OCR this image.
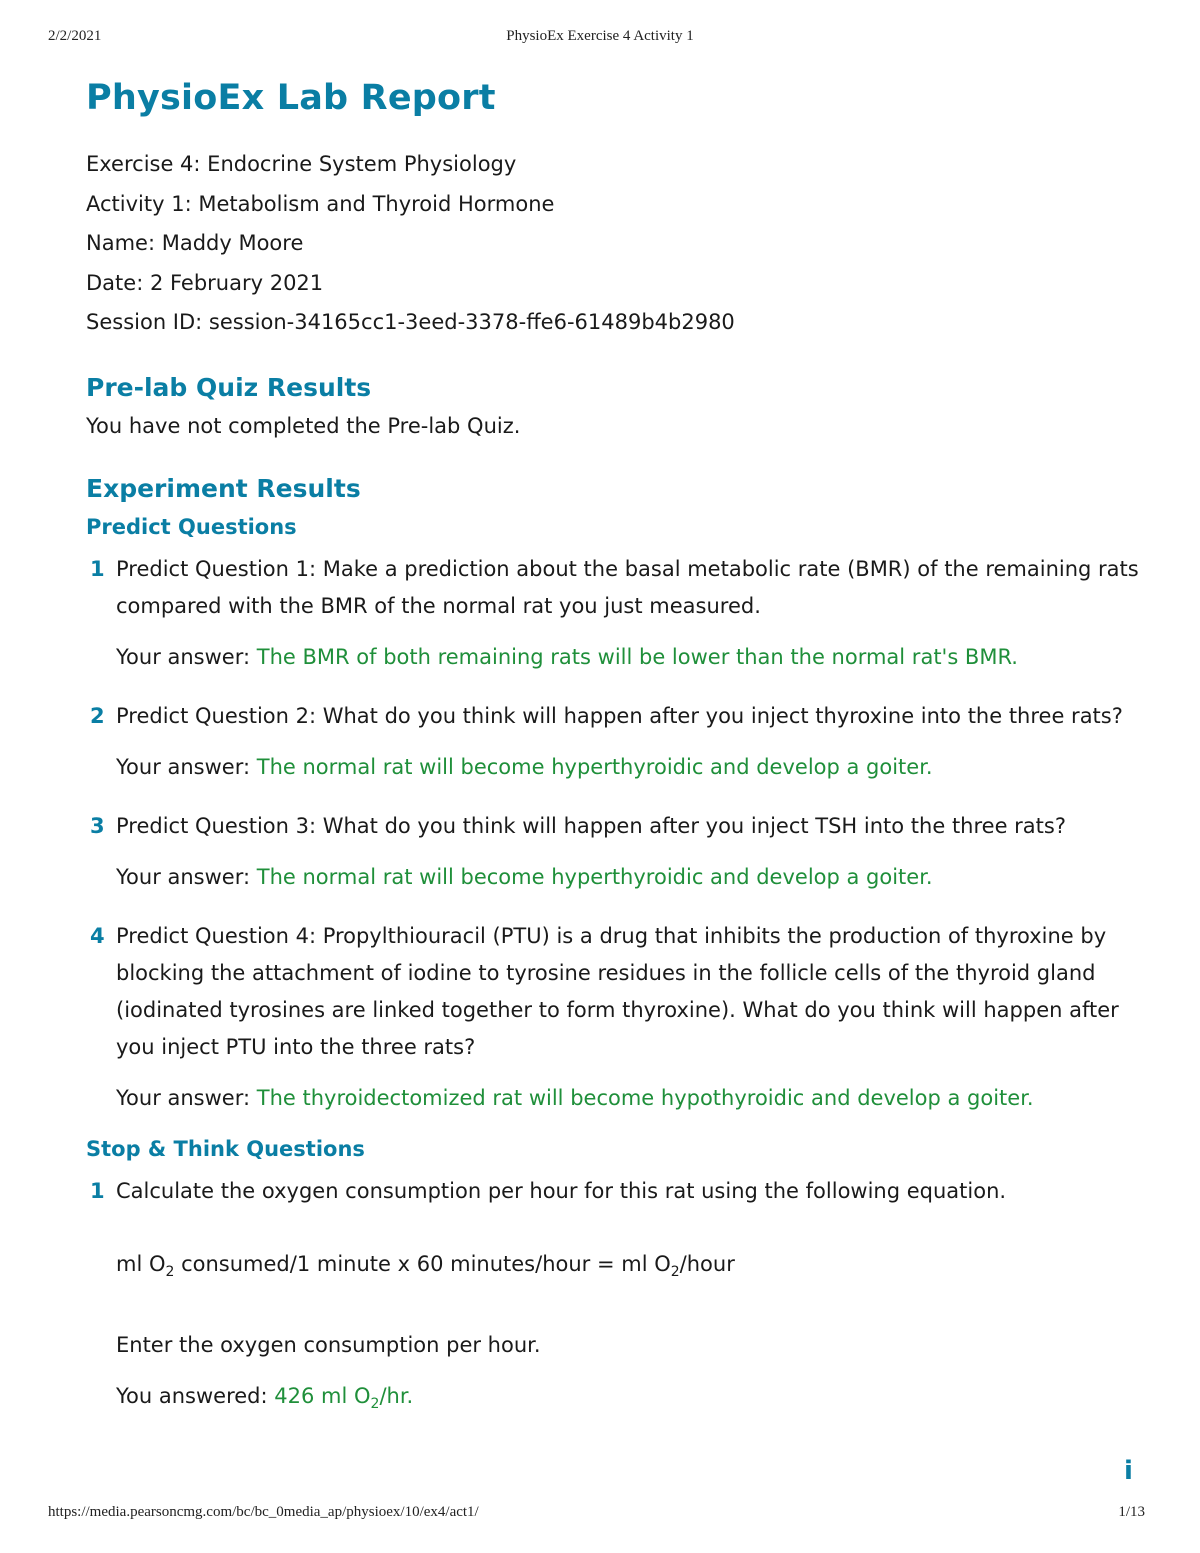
2/2/2021	PhysioEx Exercise 4 Activity 1
PhysioEx Lab Report
Exercise 4: Endocrine System Physiology
Activity 1: Metabolism and Thyroid Hormone
Name: Maddy Moore
Date: 2 February 2021
Session ID: session-34165cc1-3eed-3378-ffe6-61489b4b2980
Pre-lab Quiz Results

You have not completed the Pre-lab Quiz.

Experiment Results
Predict Questions
1 Predict Question 1: Make a prediction about the basal metabolic rate (BMR) of the remaining rats compared with the BMR of the normal rat you just measured.

Your answer: The BMR of both remaining rats will be lower than the normal rat's BMR.

2 Predict Question 2: What do you think will happen after you inject thyroxine into the three rats?

Your answer: The normal rat will become hyperthyroidic and develop a goiter.

3 Predict Question 3: What do you think will happen after you inject TSH into the three rats?

Your answer: The normal rat will become hyperthyroidic and develop a goiter.

4 Predict Question 4: Propylthiouracil (PTU) is a drug that inhibits the production of thyroxine by blocking the attachment of iodine to tyrosine residues in the follicle cells of the thyroid gland (iodinated tyrosines are linked together to form thyroxine). What do you think will happen after you inject PTU into the three rats?

Your answer: The thyroidectomized rat will become hypothyroidic and develop a goiter.

Stop & Think Questions
1 Calculate the oxygen consumption per hour for this rat using the following equation.

ml $O_2$ consumed/1 minute x 60 minutes/hour = ml $O_2$/hour

Enter the oxygen consumption per hour.

You answered: 426 ml $O_2/hr$.

i
https://media.pearsoncmg.com/bc/bc_0media_ap/physioex/10/ex4/act1/	1/13
